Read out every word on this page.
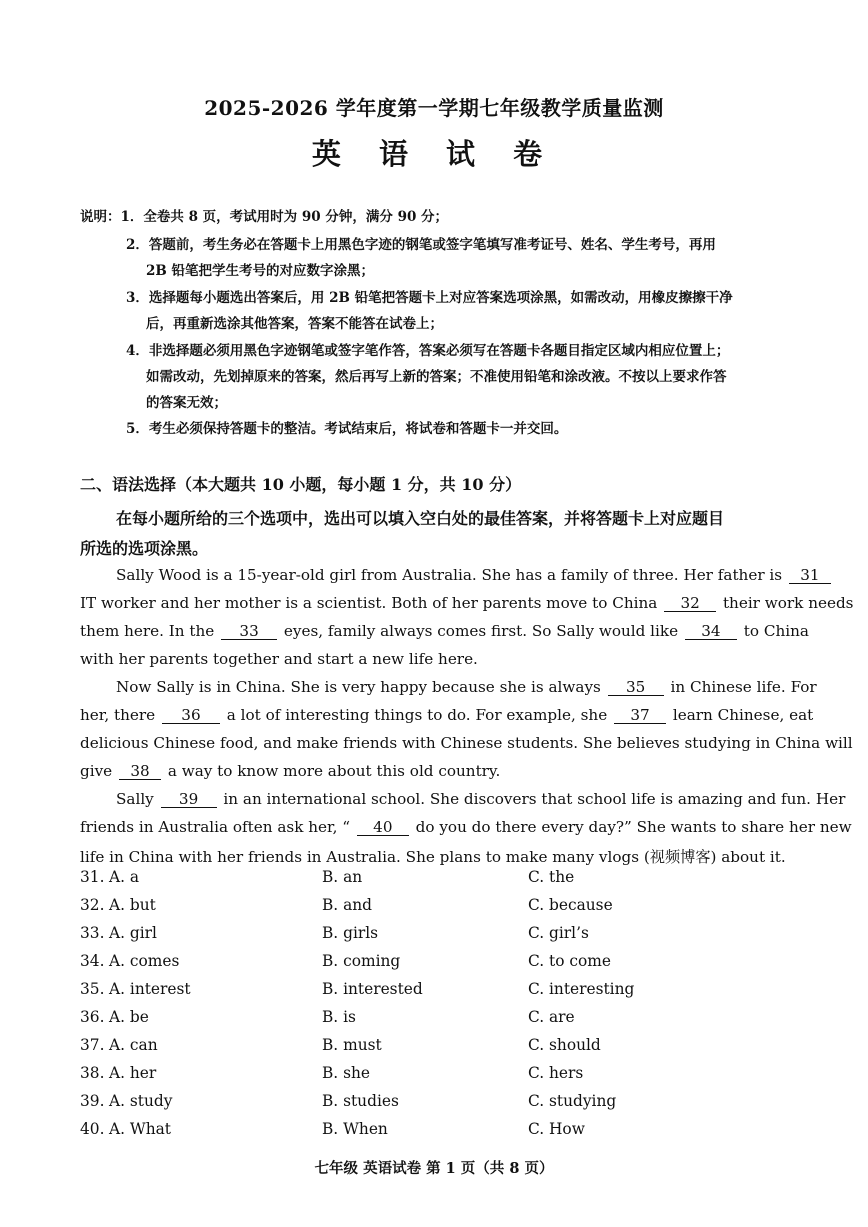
2025-2026 学年度第一学期七年级教学质量监测
英 语 试 卷
说明：1．全卷共 8 页，考试用时为 90 分钟，满分 90 分；
2．答题前，考生务必在答题卡上用黑色字迹的钢笔或签字笔填写准考证号、姓名、学生考号，再用
2B 铅笔把学生考号的对应数字涂黑；
3．选择题每小题选出答案后，用 2B 铅笔把答题卡上对应答案选项涂黑，如需改动，用橡皮擦擦干净
后，再重新选涂其他答案，答案不能答在试卷上；
4．非选择题必须用黑色字迹钢笔或签字笔作答，答案必须写在答题卡各题目指定区域内相应位置上；
如需改动，先划掉原来的答案，然后再写上新的答案；不准使用铅笔和涂改液。不按以上要求作答
的答案无效；
5．考生必须保持答题卡的整洁。考试结束后，将试卷和答题卡一并交回。
二、语法选择（本大题共 10 小题，每小题 1 分，共 10 分）
在每小题所给的三个选项中，选出可以填入空白处的最佳答案，并将答题卡上对应题目
所选的选项涂黑。
Sally Wood is a 15-year-old girl from Australia. She has a family of three. Her father is 31
IT worker and her mother is a scientist. Both of her parents move to China 32 their work needs
them here. In the 33 eyes, family always comes first. So Sally would like 34 to China
with her parents together and start a new life here.
Now Sally is in China. She is very happy because she is always 35 in Chinese life. For
her, there 36 a lot of interesting things to do. For example, she 37 learn Chinese, eat
delicious Chinese food, and make friends with Chinese students. She believes studying in China will
give 38 a way to know more about this old country.
Sally 39 in an international school. She discovers that school life is amazing and fun. Her
friends in Australia often ask her, “ 40 do you do there every day?” She wants to share her new
life in China with her friends in Australia. She plans to make many vlogs (视频博客) about it.
31. A. a	B. an	C. the
32. A. but	B. and	C. because
33. A. girl	B. girls	C. girl’s
34. A. comes	B. coming	C. to come
35. A. interest	B. interested	C. interesting
36. A. be	B. is	C. are
37. A. can	B. must	C. should
38. A. her	B. she	C. hers
39. A. study	B. studies	C. studying
40. A. What	B. When	C. How
七年级 英语试卷 第 1 页（共 8 页）
